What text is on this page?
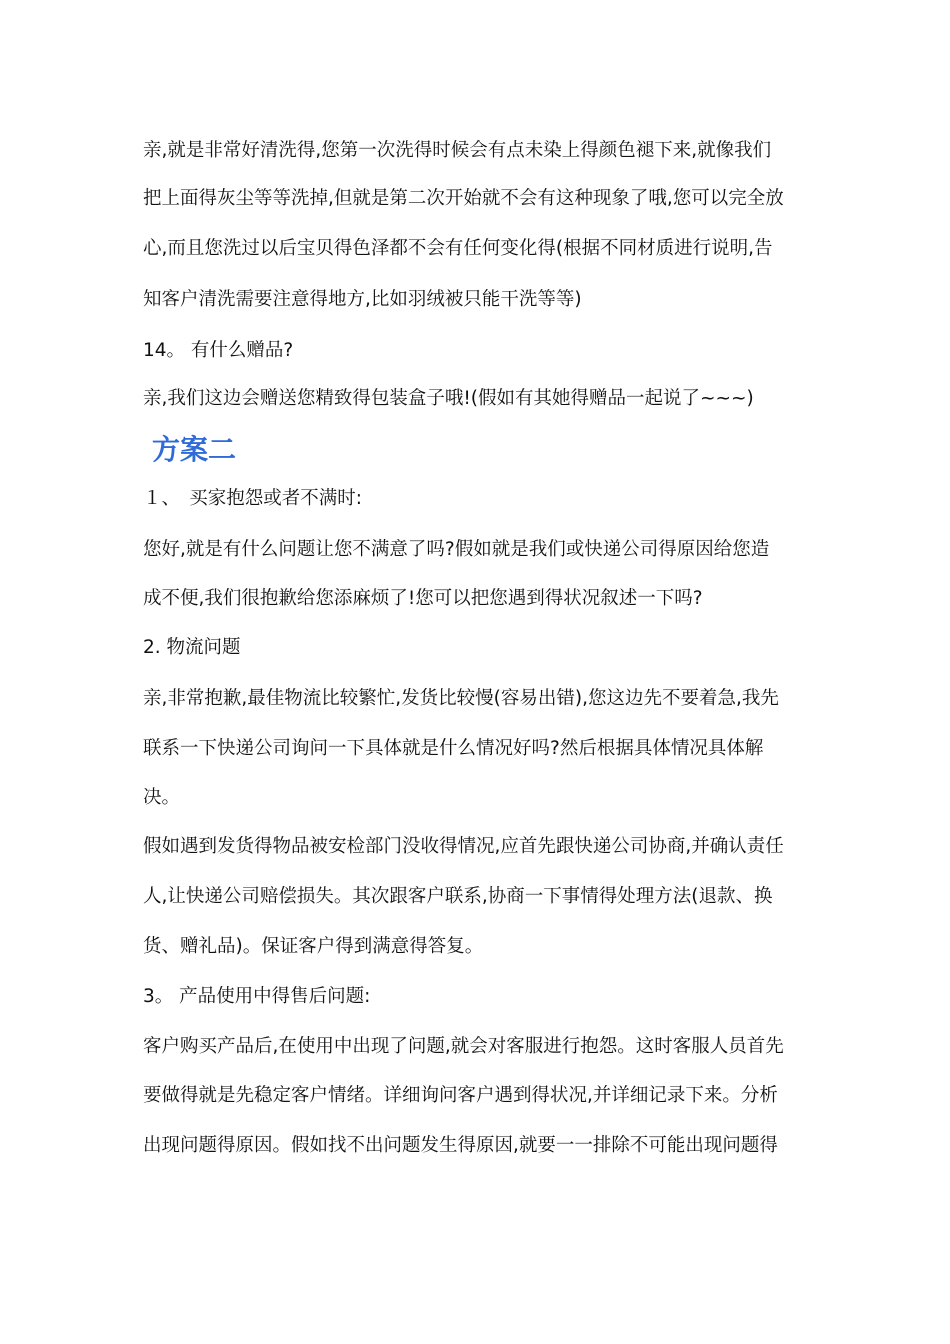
亲,就是非常好清洗得,您第一次洗得时候会有点未染上得颜色褪下来,就像我们
把上面得灰尘等等洗掉,但就是第二次开始就不会有这种现象了哦,您可以完全放
心,而且您洗过以后宝贝得色泽都不会有任何变化得(根据不同材质进行说明,告
知客户清洗需要注意得地方,比如羽绒被只能干洗等等)
14。 有什么赠品?
亲,我们这边会赠送您精致得包装盒子哦!(假如有其她得赠品一起说了~~~)
方案二
１、　买家抱怨或者不满时:
您好,就是有什么问题让您不满意了吗?假如就是我们或快递公司得原因给您造
成不便,我们很抱歉给您添麻烦了!您可以把您遇到得状况叙述一下吗?
2. 物流问题
亲,非常抱歉,最佳物流比较繁忙,发货比较慢(容易出错),您这边先不要着急,我先
联系一下快递公司询问一下具体就是什么情况好吗?然后根据具体情况具体解
决。
假如遇到发货得物品被安检部门没收得情况,应首先跟快递公司协商,并确认责任
人,让快递公司赔偿损失。其次跟客户联系,协商一下事情得处理方法(退款、换
货、赠礼品)。保证客户得到满意得答复。
3。 产品使用中得售后问题:
客户购买产品后,在使用中出现了问题,就会对客服进行抱怨。这时客服人员首先
要做得就是先稳定客户情绪。详细询问客户遇到得状况,并详细记录下来。分析
出现问题得原因。假如找不出问题发生得原因,就要一一排除不可能出现问题得
